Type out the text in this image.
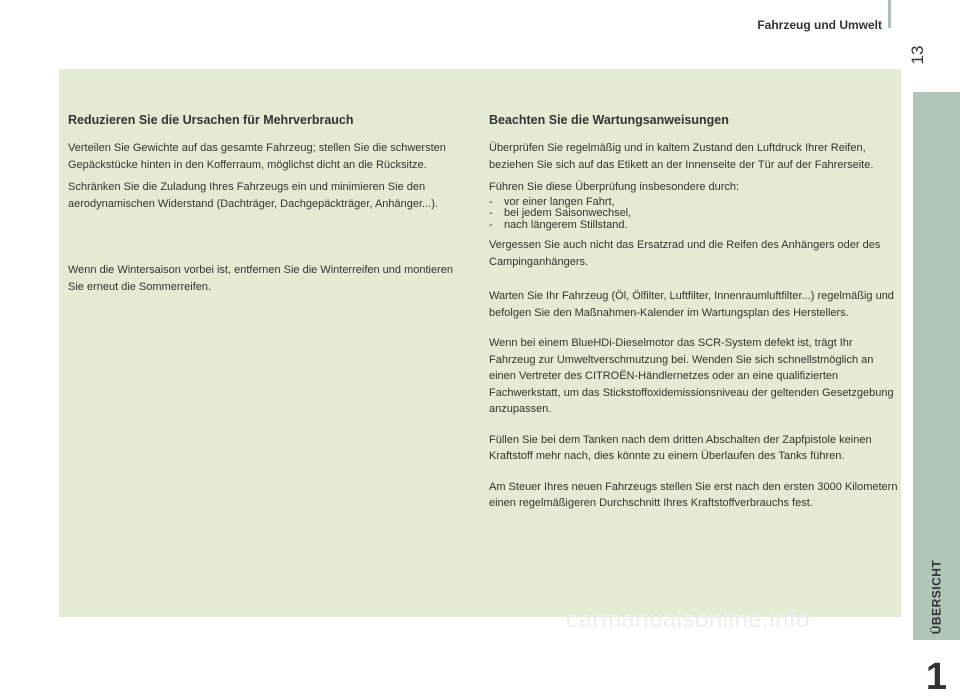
Fahrzeug und Umwelt
13
ÜBERSICHT
1
Reduzieren Sie die Ursachen für Mehrverbrauch

Verteilen Sie Gewichte auf das gesamte Fahrzeug; stellen Sie die schwersten Gepäckstücke hinten in den Kofferraum, möglichst dicht an die Rücksitze.

Schränken Sie die Zuladung Ihres Fahrzeugs ein und minimieren Sie den aerodynamischen Widerstand (Dachträger, Dachgepäckträger, Anhänger...).

Wenn die Wintersaison vorbei ist, entfernen Sie die Winterreifen und montieren Sie erneut die Sommerreifen.

Beachten Sie die Wartungsanweisungen

Überprüfen Sie regelmäßig und in kaltem Zustand den Luftdruck Ihrer Reifen, beziehen Sie sich auf das Etikett an der Innenseite der Tür auf der Fahrerseite.

Führen Sie diese Überprüfung insbesondere durch:

- vor einer langen Fahrt,
- bei jedem Saisonwechsel,
- nach längerem Stillstand.

Vergessen Sie auch nicht das Ersatzrad und die Reifen des Anhängers oder des Campinganhängers.

Warten Sie Ihr Fahrzeug (Öl, Ölfilter, Luftfilter, Innenraumluftfilter...) regelmäßig und befolgen Sie den Maßnahmen-Kalender im Wartungsplan des Herstellers.

Wenn bei einem BlueHDi-Dieselmotor das SCR-System defekt ist, trägt Ihr Fahrzeug zur Umweltverschmutzung bei. Wenden Sie sich schnellstmöglich an einen Vertreter des CITROËN-Händlernetzes oder an eine qualifizierten Fachwerkstatt, um das Stickstoffoxidemissionsniveau der geltenden Gesetzgebung anzupassen.

Füllen Sie bei dem Tanken nach dem dritten Abschalten der Zapfpistole keinen Kraftstoff mehr nach, dies könnte zu einem Überlaufen des Tanks führen.

Am Steuer Ihres neuen Fahrzeugs stellen Sie erst nach den ersten 3000 Kilometern einen regelmäßigeren Durchschnitt Ihres Kraftstoffverbrauchs fest.

carmanualsonline.info
